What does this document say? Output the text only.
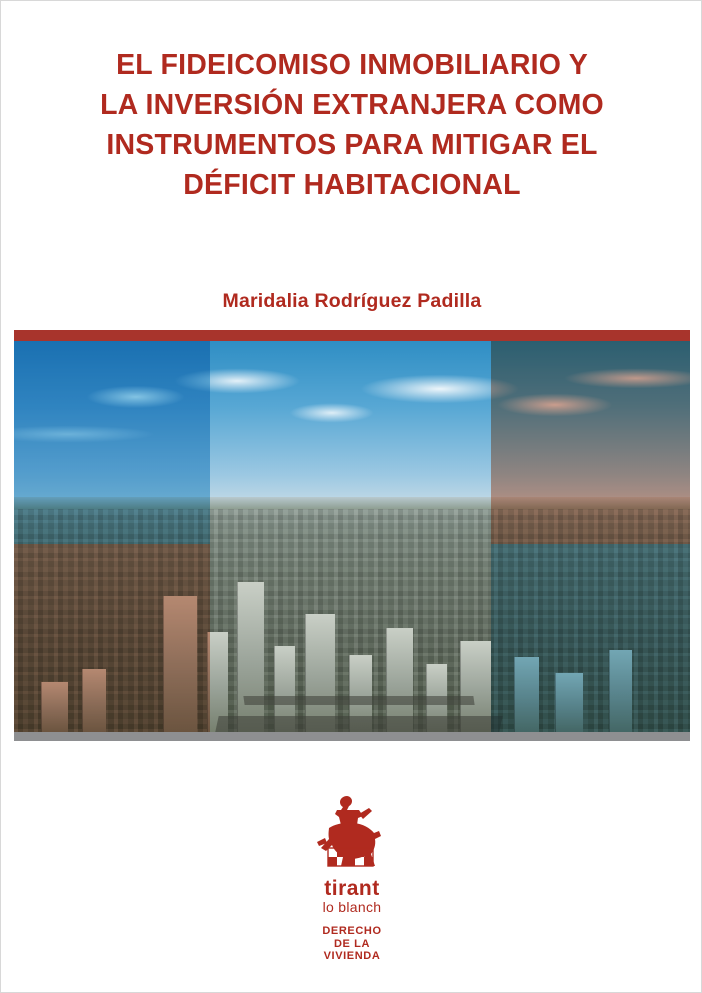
EL FIDEICOMISO INMOBILIARIO Y
LA INVERSIÓN EXTRANJERA COMO
INSTRUMENTOS PARA MITIGAR EL
DÉFICIT HABITACIONAL
Maridalia Rodríguez Padilla
tirant
lo blanch
DERECHO
DE LA
VIVIENDA
